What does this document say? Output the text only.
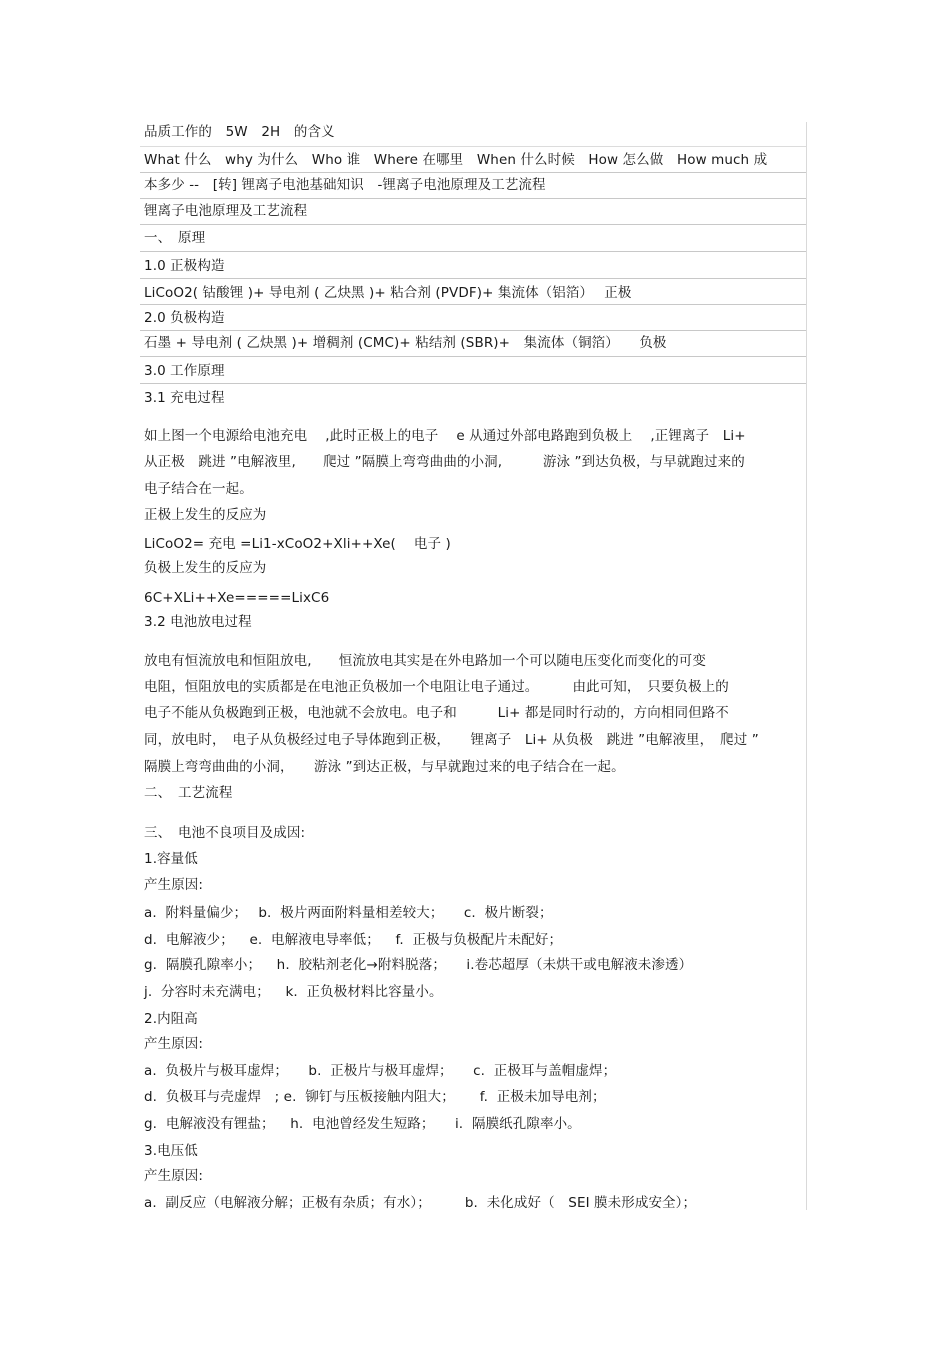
品质工作的　5W　2H　的含义
What 什么　why 为什么　Who 谁　Where 在哪里　When 什么时候　How 怎么做　How much 成
本多少 --　[转] 锂离子电池基础知识　-锂离子电池原理及工艺流程
锂离子电池原理及工艺流程
一、　原理
1.0 正极构造
LiCoO2( 钴酸锂 )+ 导电剂 ( 乙炔黑 )+ 粘合剂 (PVDF)+ 集流体（铝箔）　 正极
2.0 负极构造
石墨 + 导电剂 ( 乙炔黑 )+ 增稠剂 (CMC)+ 粘结剂 (SBR)+　集流体（铜箔）　　负极
3.0 工作原理
3.1 充电过程
如上图一个电源给电池充电　 ,此时正极上的电子　 e 从通过外部电路跑到负极上　 ,正锂离子　Li+
从正极　跳进 ”电解液里,　　爬过 ”隔膜上弯弯曲曲的小洞,　　　游泳 ”到达负极，与早就跑过来的
电子结合在一起。
正极上发生的反应为
LiCoO2= 充电 =Li1-xCoO2+Xli++Xe(　 电子 )
负极上发生的反应为
6C+XLi++Xe=====LixC6
3.2 电池放电过程
放电有恒流放电和恒阻放电,　　恒流放电其实是在外电路加一个可以随电压变化而变化的可变
电阻，恒阻放电的实质都是在电池正负极加一个电阻让电子通过。　　　由此可知，　只要负极上的
电子不能从负极跑到正极，电池就不会放电。电子和　　　Li+ 都是同时行动的，方向相同但路不
同，放电时，　电子从负极经过电子导体跑到正极，　　锂离子　Li+ 从负极　跳进 ”电解液里，　爬过 ”
隔膜上弯弯曲曲的小洞，　　游泳 ”到达正极，与早就跑过来的电子结合在一起。
二、　工艺流程
三、　电池不良项目及成因:
1.容量低
产生原因:
a.  附料量偏少；　 b.  极片两面附料量相差较大；　　c.  极片断裂；
d.  电解液少；　  e.  电解液电导率低；　  f.  正极与负极配片未配好；
g.  隔膜孔隙率小；　  h.  胶粘剂老化→附料脱落；　　i.卷芯超厚（未烘干或电解液未渗透）
j.  分容时未充满电；　  k.  正负极材料比容量小。
2.内阻高
产生原因:
a.  负极片与极耳虚焊；　　b.  正极片与极耳虚焊；　　c.  正极耳与盖帽虚焊；
d.  负极耳与壳虚焊　; e.  铆钉与压板接触内阻大；　　 f.  正极未加导电剂；
g.  电解液没有锂盐；　  h.  电池曾经发生短路；　　i.  隔膜纸孔隙率小。
3.电压低
产生原因:
a.  副反应（电解液分解；正极有杂质；有水）；　　　b.  未化成好（　SEI 膜未形成安全）；
